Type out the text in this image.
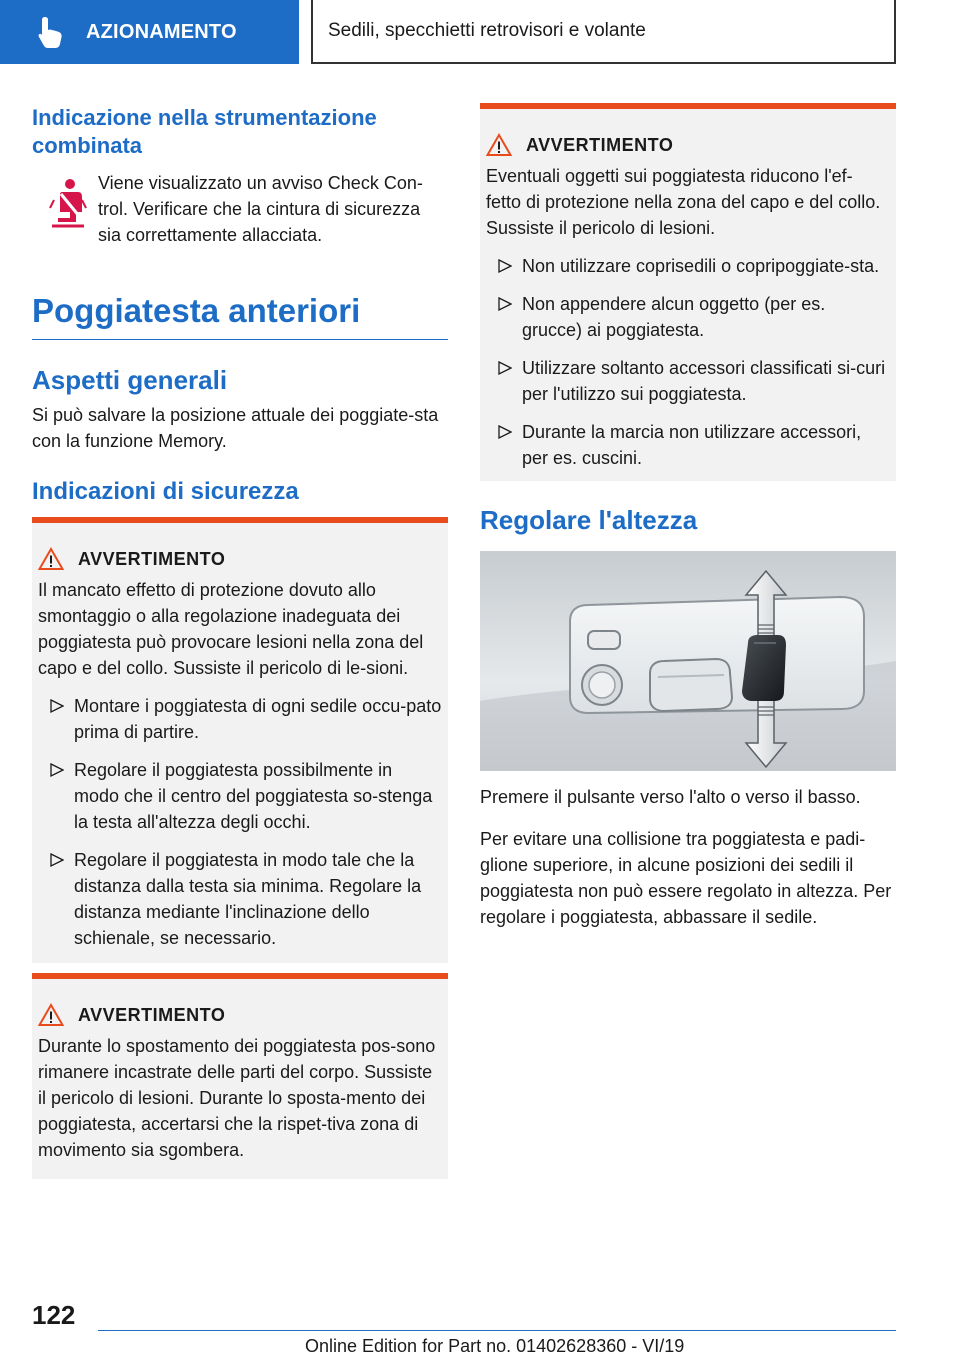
AZIONAMENTO	Sedili, specchietti retrovisori e volante
Indicazione nella strumentazione combinata

Viene visualizzato un avviso Check Con-trol. Verificare che la cintura di sicurezza sia correttamente allacciata.

Poggiatesta anteriori
Aspetti generali

Si può salvare la posizione attuale dei poggiate-sta con la funzione Memory.

Indicazioni di sicurezza
AVVERTIMENTO

Il mancato effetto di protezione dovuto allo smontaggio o alla regolazione inadeguata dei poggiatesta può provocare lesioni nella zona del capo e del collo. Sussiste il pericolo di le-sioni.

Montare i poggiatesta di ogni sedile occu-pato prima di partire.
Regolare il poggiatesta possibilmente in modo che il centro del poggiatesta so-stenga la testa all'altezza degli occhi.
Regolare il poggiatesta in modo tale che la distanza dalla testa sia minima. Regolare la distanza mediante l'inclinazione dello schienale, se necessario.
AVVERTIMENTO

Durante lo spostamento dei poggiatesta pos-sono rimanere incastrate delle parti del corpo. Sussiste il pericolo di lesioni. Durante lo sposta-mento dei poggiatesta, accertarsi che la rispet-tiva zona di movimento sia sgombera.

AVVERTIMENTO

Eventuali oggetti sui poggiatesta riducono l'ef-fetto di protezione nella zona del capo e del collo. Sussiste il pericolo di lesioni.

Non utilizzare coprisedili o copripoggiate-sta.
Non appendere alcun oggetto (per es. grucce) ai poggiatesta.
Utilizzare soltanto accessori classificati si-curi per l'utilizzo sui poggiatesta.
Durante la marcia non utilizzare accessori, per es. cuscini.
Regolare l'altezza

Premere il pulsante verso l'alto o verso il basso.

Per evitare una collisione tra poggiatesta e padi-glione superiore, in alcune posizioni dei sedili il poggiatesta non può essere regolato in altezza. Per regolare i poggiatesta, abbassare il sedile.

122
Online Edition for Part no. 01402628360 - VI/19
